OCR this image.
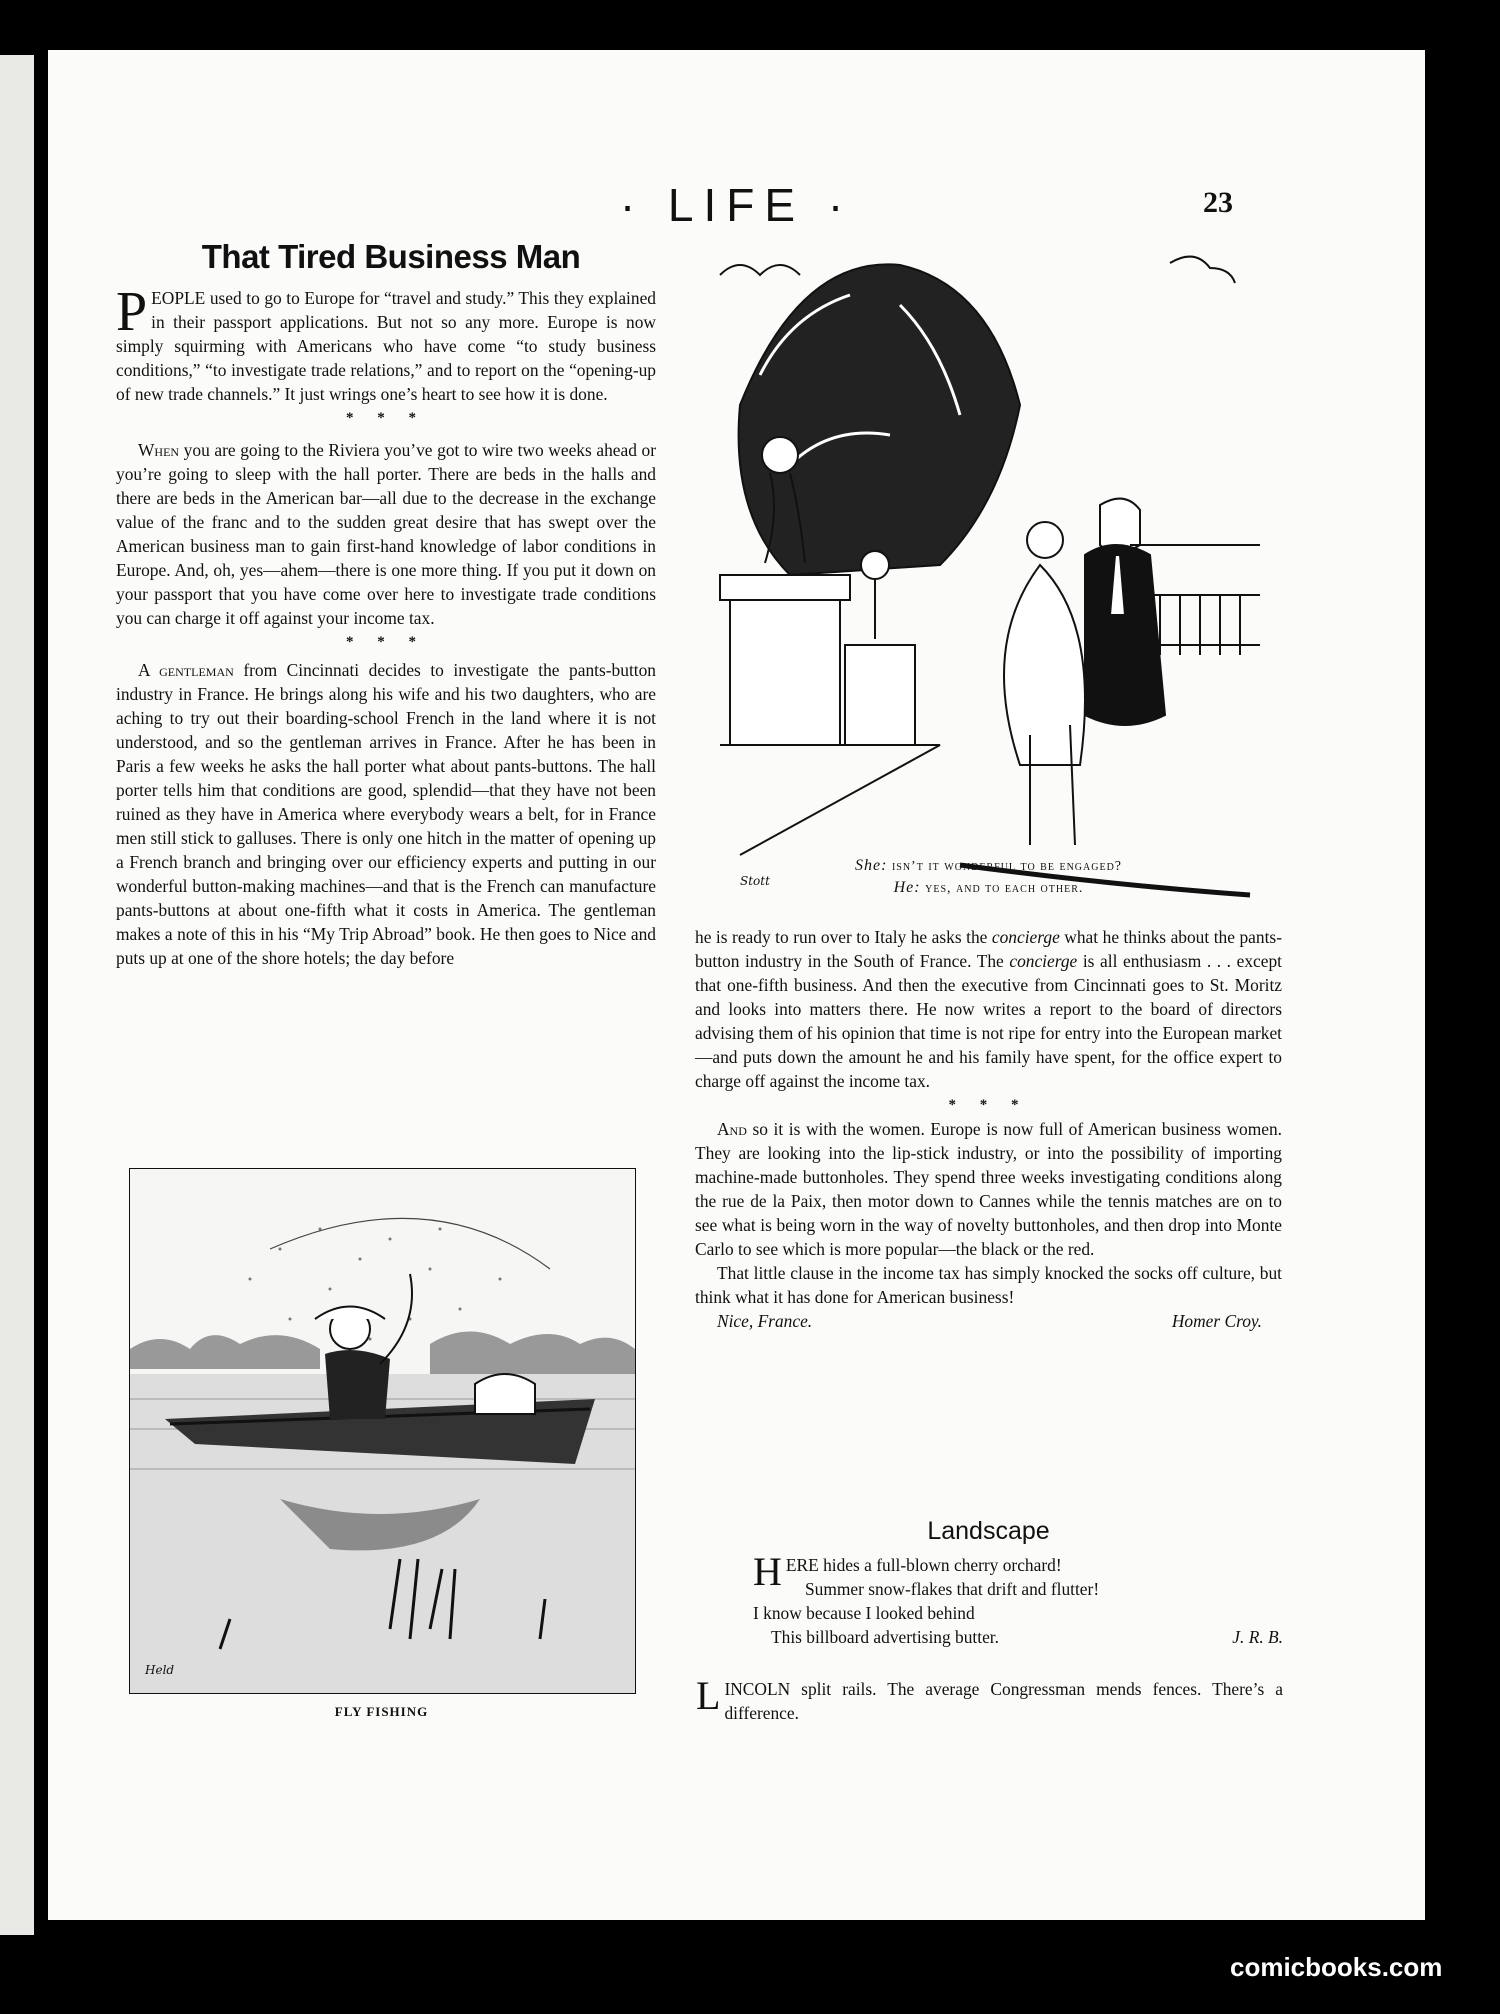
· LIFE ·	23
That Tired Business Man

PEOPLE used to go to Europe for “travel and study.” This they explained in their passport applications. But not so any more. Europe is now simply squirming with Americans who have come “to study business conditions,” “to investigate trade relations,” and to report on the “opening-up of new trade channels.” It just wrings one’s heart to see how it is done.

* * *

When you are going to the Riviera you’ve got to wire two weeks ahead or you’re going to sleep with the hall porter. There are beds in the halls and there are beds in the American bar—all due to the decrease in the exchange value of the franc and to the sudden great desire that has swept over the American business man to gain first-hand knowledge of labor conditions in Europe. And, oh, yes—ahem—there is one more thing. If you put it down on your passport that you have come over here to investigate trade conditions you can charge it off against your income tax.

* * *

A gentleman from Cincinnati decides to investigate the pants-button industry in France. He brings along his wife and his two daughters, who are aching to try out their boarding-school French in the land where it is not understood, and so the gentleman arrives in France. After he has been in Paris a few weeks he asks the hall porter what about pants-buttons. The hall porter tells him that conditions are good, splendid—that they have not been ruined as they have in America where everybody wears a belt, for in France men still stick to galluses. There is only one hitch in the matter of opening up a French branch and bringing over our efficiency experts and putting in our wonderful button-making machines—and that is the French can manufacture pants-buttons at about one-fifth what it costs in America. The gentleman makes a note of this in his “My Trip Abroad” book. He then goes to Nice and puts up at one of the shore hotels; the day before

Stott
She: isn’t it wonderful to be engaged?
He: yes, and to each other.

he is ready to run over to Italy he asks the concierge what he thinks about the pants-button industry in the South of France. The concierge is all enthusiasm . . . except that one-fifth business. And then the executive from Cincinnati goes to St. Moritz and looks into matters there. He now writes a report to the board of directors advising them of his opinion that time is not ripe for entry into the European market—and puts down the amount he and his family have spent, for the office expert to charge off against the income tax.

* * *

And so it is with the women. Europe is now full of American business women. They are looking into the lip-stick industry, or into the possibility of importing machine-made buttonholes. They spend three weeks investigating conditions along the rue de la Paix, then motor down to Cannes while the tennis matches are on to see what is being worn in the way of novelty buttonholes, and then drop into Monte Carlo to see which is more popular—the black or the red.

That little clause in the income tax has simply knocked the socks off culture, but think what it has done for American business!

Nice, France.	Homer Croy.
Held
FLY FISHING
Landscape
HERE hides a full-blown cherry orchard!
Summer snow-flakes that drift and flutter!
I know because I looked behind
This billboard advertising butter.	J. R. B.
LINCOLN split rails. The average Congressman mends fences. There’s a difference.
comicbooks.com
